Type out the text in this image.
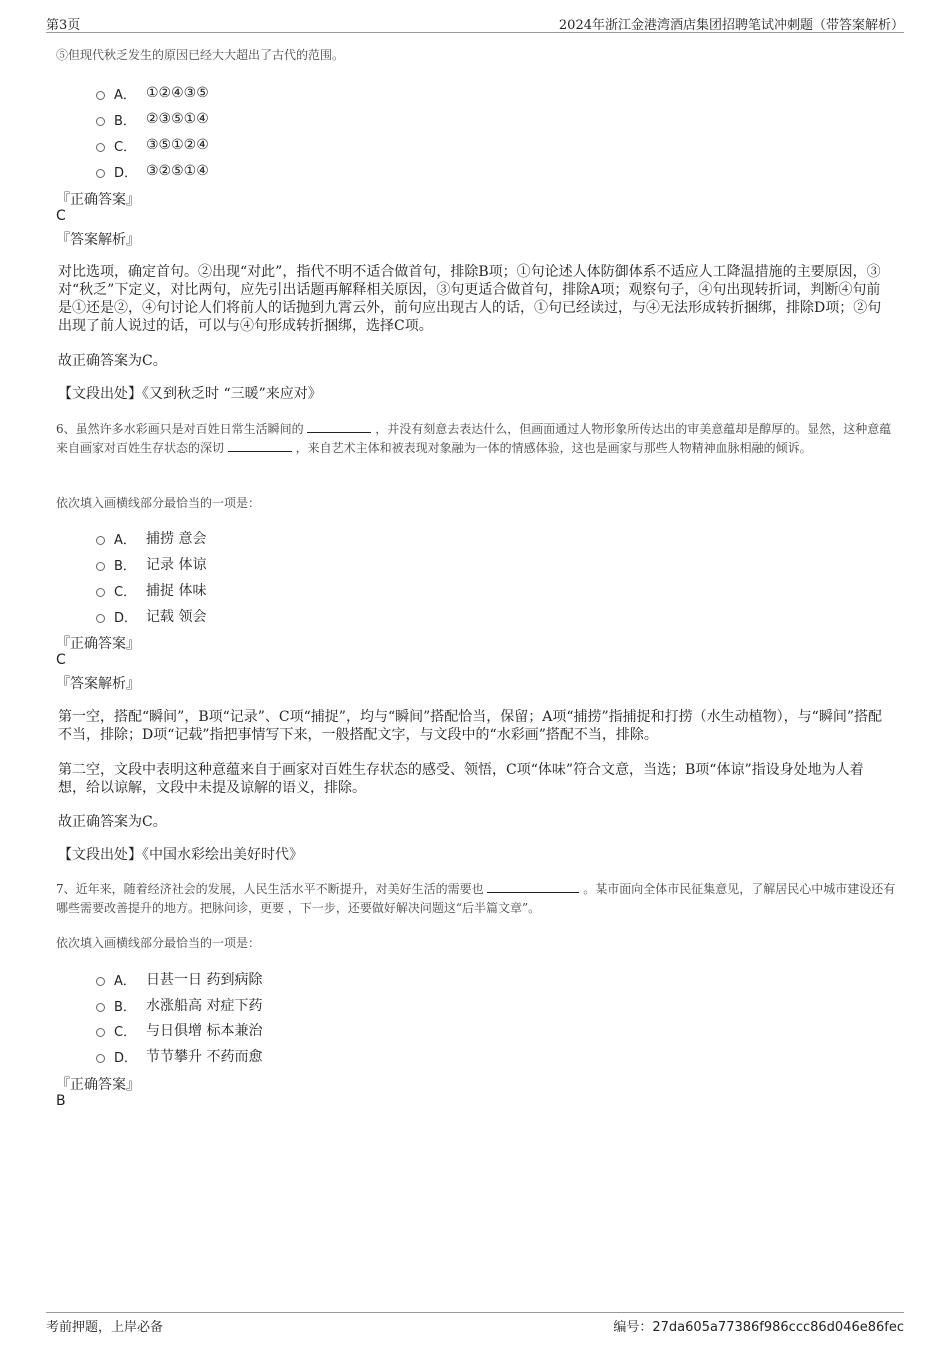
第3页	2024年浙江金港湾酒店集团招聘笔试冲刺题（带答案解析）
⑤但现代秋乏发生的原因已经大大超出了古代的范围。
A． ①②④③⑤
B． ②③⑤①④
C． ③⑤①②④
D． ③②⑤①④
『正确答案』
C
『答案解析』
对比选项，确定首句。②出现“对此”，指代不明不适合做首句，排除B项；①句论述人体防御体系不适应人工降温措施的主要原因，③对“秋乏”下定义，对比两句，应先引出话题再解释相关原因，③句更适合做首句，排除A项；观察句子，④句出现转折词，判断④句前是①还是②，④句讨论人们将前人的话抛到九霄云外，前句应出现古人的话，①句已经读过，与④无法形成转折捆绑，排除D项；②句出现了前人说过的话，可以与④句形成转折捆绑，选择C项。
故正确答案为C。
【文段出处】《又到秋乏时 “三暖”来应对》
6、虽然许多水彩画只是对百姓日常生活瞬间的	，并没有刻意去表达什么，但画面通过人物形象所传达出的审美意蕴却是醇厚的。显然，这种意蕴来自画家对百姓生存状态的深切	，来自艺术主体和被表现对象融为一体的情感体验，这也是画家与那些人物精神血脉相融的倾诉。
依次填入画横线部分最恰当的一项是：
A． 捕捞 意会
B． 记录 体谅
C． 捕捉 体味
D． 记载 领会
『正确答案』
C
『答案解析』
第一空，搭配“瞬间”，B项“记录”、C项“捕捉”，均与“瞬间”搭配恰当，保留；A项“捕捞”指捕捉和打捞（水生动植物），与“瞬间”搭配不当，排除；D项“记载”指把事情写下来，一般搭配文字，与文段中的“水彩画”搭配不当，排除。
第二空，文段中表明这种意蕴来自于画家对百姓生存状态的感受、领悟，C项“体味”符合文意，当选；B项“体谅”指设身处地为人着想，给以谅解，文段中未提及谅解的语义，排除。
故正确答案为C。
【文段出处】《中国水彩绘出美好时代》
7、近年来，随着经济社会的发展，人民生活水平不断提升，对美好生活的需要也	。某市面向全体市民征集意见，了解居民心中城市建设还有哪些需要改善提升的地方。把脉问诊，更要 ，下一步，还要做好解决问题这“后半篇文章”。
依次填入画横线部分最恰当的一项是：
A． 日甚一日 药到病除
B． 水涨船高 对症下药
C． 与日俱增 标本兼治
D． 节节攀升 不药而愈
『正确答案』
B
考前押题，上岸必备	编号：27da605a77386f986ccc86d046e86fec
